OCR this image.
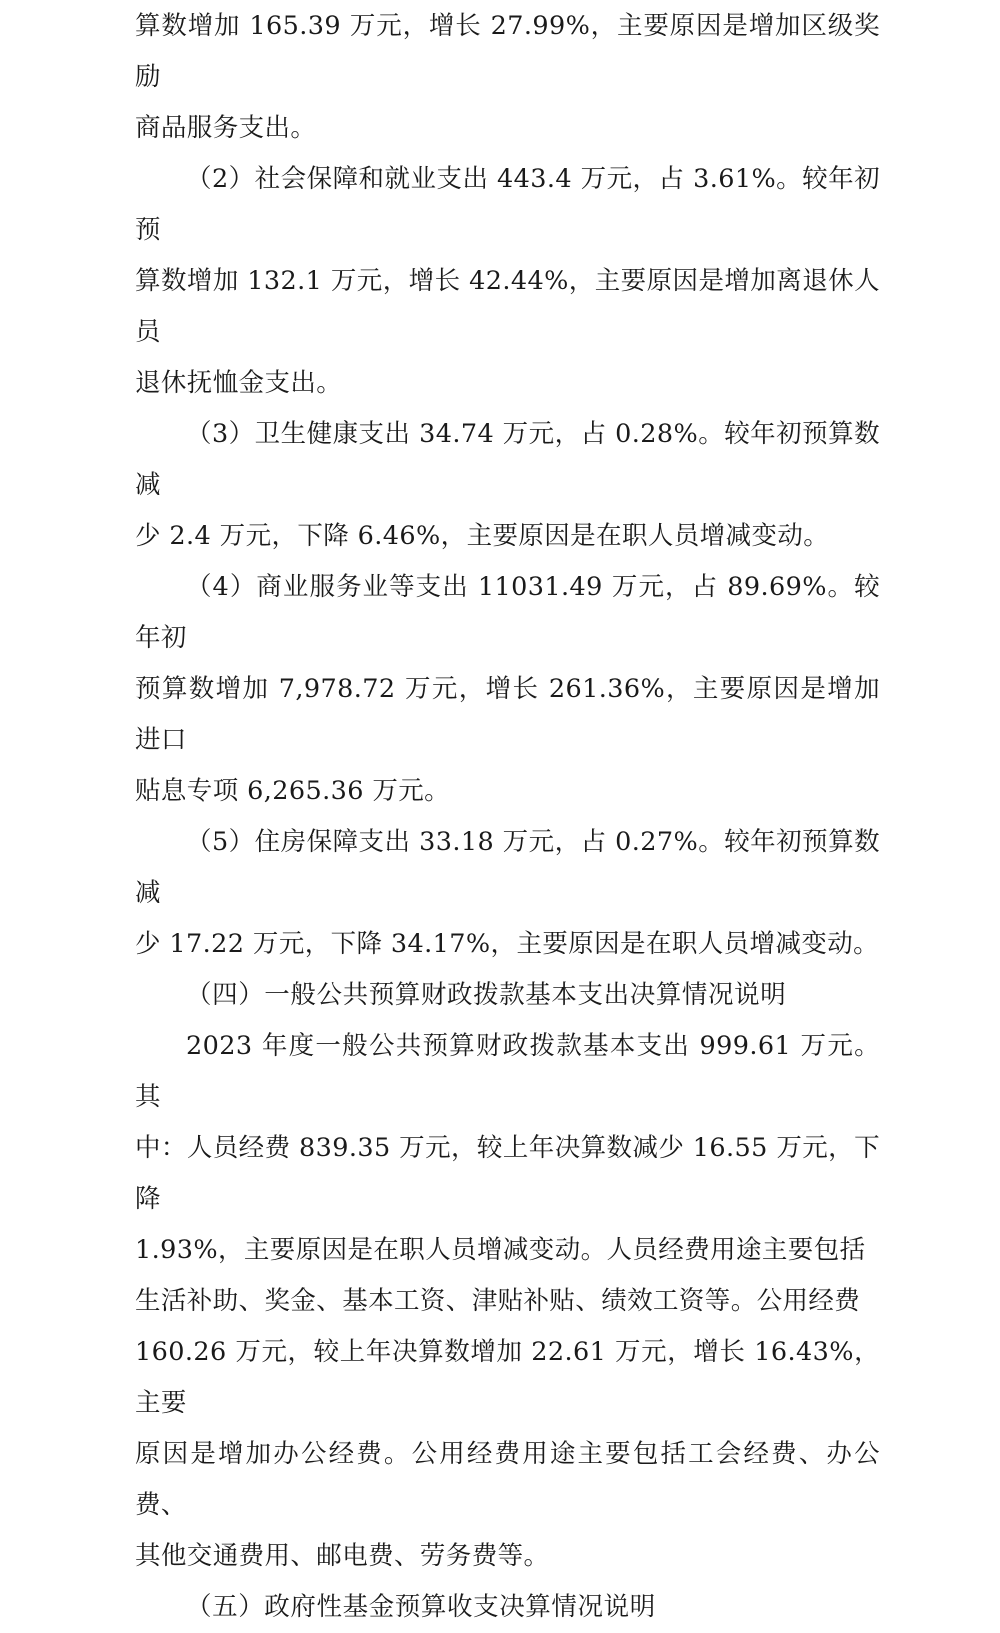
算数增加 165.39 万元，增长 27.99%，主要原因是增加区级奖励
商品服务支出。

（2）社会保障和就业支出 443.4 万元，占 3.61%。较年初预
算数增加 132.1 万元，增长 42.44%，主要原因是增加离退休人员
退休抚恤金支出。

（3）卫生健康支出 34.74 万元，占 0.28%。较年初预算数减
少 2.4 万元，下降 6.46%，主要原因是在职人员增减变动。

（4）商业服务业等支出 11031.49 万元，占 89.69%。较年初
预算数增加 7,978.72 万元，增长 261.36%，主要原因是增加进口
贴息专项 6,265.36 万元。

（5）住房保障支出 33.18 万元，占 0.27%。较年初预算数减
少 17.22 万元，下降 34.17%，主要原因是在职人员增减变动。

（四）一般公共预算财政拨款基本支出决算情况说明

2023 年度一般公共预算财政拨款基本支出 999.61 万元。其
中：人员经费 839.35 万元，较上年决算数减少 16.55 万元，下降
1.93%，主要原因是在职人员增减变动。人员经费用途主要包括
生活补助、奖金、基本工资、津贴补贴、绩效工资等。公用经费
160.26 万元，较上年决算数增加 22.61 万元，增长 16.43%，主要
原因是增加办公经费。公用经费用途主要包括工会经费、办公费、
其他交通费用、邮电费、劳务费等。

（五）政府性基金预算收支决算情况说明
